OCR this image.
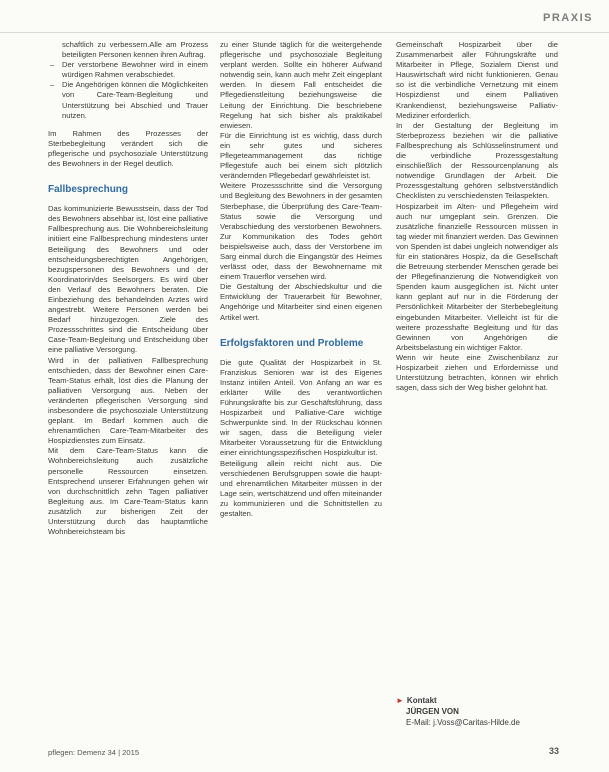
PRAXIS

schaftlich zu verbessern.Alle am Prozess beteiligten Personen kennen ihren Auftrag.

– Der verstorbene Bewohner wird in einem würdigen Rahmen verabschiedet.

– Die Angehörigen können die Möglichkeiten von Care-Team-Begleitung und Unterstützung bei Abschied und Trauer nutzen.

Im Rahmen des Prozesses der Sterbebegleitung verändert sich die pflegerische und psychosoziale Unterstützung des Bewohners in der Regel deutlich.

Fallbesprechung

Das kommunizierte Bewusstsein, dass der Tod des Bewohners absehbar ist, löst eine palliative Fallbesprechung aus. Die Wohnbereichsleitung initiiert eine Fallbesprechung mindestens unter Beteiligung des Bewohners und oder entscheidungsberechtigten Angehörigen, bezugspersonen des Bewohners und der Koordinatorin/des Seelsorgers. Es wird über den Verlauf des Bewohners beraten. Die Einbeziehung des behandelnden Arztes wird angestrebt. Weitere Personen werden bei Bedarf hinzugezogen. Ziele des Prozessschrittes sind die Entscheidung über Case-Team-Begleitung und Entscheidung über eine palliative Versorgung.

Wird in der palliativen Fallbesprechung entschieden, dass der Bewohner einen Care-Team-Status erhält, löst dies die Planung der palliativen Versorgung aus. Neben der veränderten pflegerischen Versorgung sind insbesondere die psychosoziale Unterstützung geplant. Im Bedarf kommen auch die ehrenamtlichen Care-Team-Mitarbeiter des Hospizdienstes zum Einsatz.

Mit dem Care-Team-Status kann die Wohnbereichsleitung auch zusätzliche personelle Ressourcen einsetzen. Entsprechend unserer Erfahrungen gehen wir von durchschnittlich zehn Tagen palliativer Begleitung aus. Im Care-Team-Status kann zusätzlich zur bisherigen Zeit der Unterstützung durch das hauptamtliche Wohnbereichsteam bis

zu einer Stunde täglich für die weitergehende pflegerische und psychosoziale Begleitung verplant werden. Sollte ein höherer Aufwand notwendig sein, kann auch mehr Zeit eingeplant werden. In diesem Fall entscheidet die Pflegedienstleitung beziehungsweise die Leitung der Einrichtung. Die beschriebene Regelung hat sich bisher als praktikabel erwiesen.

Für die Einrichtung ist es wichtig, dass durch ein sehr gutes und sicheres Pflegeteammanagement das richtige Pflegestufe auch bei einem sich plötzlich verändernden Pflegebedarf gewährleistet ist.

Weitere Prozessschritte sind die Versorgung und Begleitung des Bewohners in der gesamten Sterbephase, die Überprüfung des Care-Team-Status sowie die Versorgung und Verabschiedung des verstorbenen Bewohners. Zur Kommunikation des Todes gehört beispielsweise auch, dass der Verstorbene im Sarg einmal durch die Eingangstür des Heimes verlässt oder, dass der Bewohnername mit einem Trauerflor versehen wird.

Die Gestaltung der Abschiedskultur und die Entwicklung der Trauerarbeit für Bewohner, Angehörige und Mitarbeiter sind einen eigenen Artikel wert.

Erfolgsfaktoren und Probleme

Die gute Qualität der Hospizarbeit in St. Franziskus Senioren war ist des Eigenes Instanz intiilen Anteil. Von Anfang an war es erklärter Wille des verantwortlichen Führungskräfte bis zur Geschäftsführung, dass Hospizarbeit und Palliative-Care wichtige Schwerpunkte sind. In der Rückschau können wir sagen, dass die Beteiligung vieler Mitarbeiter Voraussetzung für die Entwicklung einer einrichtungsspezifischen Hospizkultur ist.

Beteiligung allein reicht nicht aus. Die verschiedenen Berufsgruppen sowie die haupt- und ehrenamtlichen Mitarbeiter müssen in der Lage sein, wertschätzend und offen miteinander zu kommunizieren und die Schnittstellen zu gestalten.

Gemeinschaft Hospizarbeit über die Zusammenarbeit aller Führungskräfte und Mitarbeiter in Pflege, Sozialem Dienst und Hauswirtschaft wird nicht funktionieren. Genau so ist die verbindliche Vernetzung mit einem Hospizdienst und einem Palliativen Krankendienst, beziehungsweise Palliativ-Mediziner erforderlich.

In der Gestaltung der Begleitung im Sterbeprozess beziehen wir die palliative Fallbesprechung als Schlüsselinstrument und die verbindliche Prozessgestaltung einschließlich der Ressourcenplanung als notwendige Grundlagen der Arbeit. Die Prozessgestaltung gehören selbstverständlich Checklisten zu verschiedensten Teilaspekten.

Hospizarbeit im Alten- und Pflegeheim wird auch nur umgeplant sein. Grenzen. Die zusätzliche finanzielle Ressourcen müssen in tag wieder mit finanziert werden. Das Gewinnen von Spenden ist dabei ungleich notwendiger als für ein stationäres Hospiz, da die Gesellschaft die Betreuung sterbender Menschen gerade bei der Pflegefinanzierung die Notwendigkeit von Spenden kaum ausgeglichen ist. Nicht unter kann geplant auf nur in die Förderung der Persönlichkeit Mitarbeiter der Sterbebegleitung eingebunden Mitarbeiter. Vielleicht ist für die weitere prozesshafte Begleitung und für das Gewinnen von Angehörigen die Arbeitsbelastung ein wichtiger Faktor.

Wenn wir heute eine Zwischenbilanz zur Hospizarbeit ziehen und Erfordernisse und Unterstützung betrachten, können wir ehrlich sagen, dass sich der Weg bisher gelohnt hat.

► Kontakt
JÜRGEN VON
E-Mail: j.Voss@Caritas-Hilde.de
pflegen: Demenz 34 | 2015	33
